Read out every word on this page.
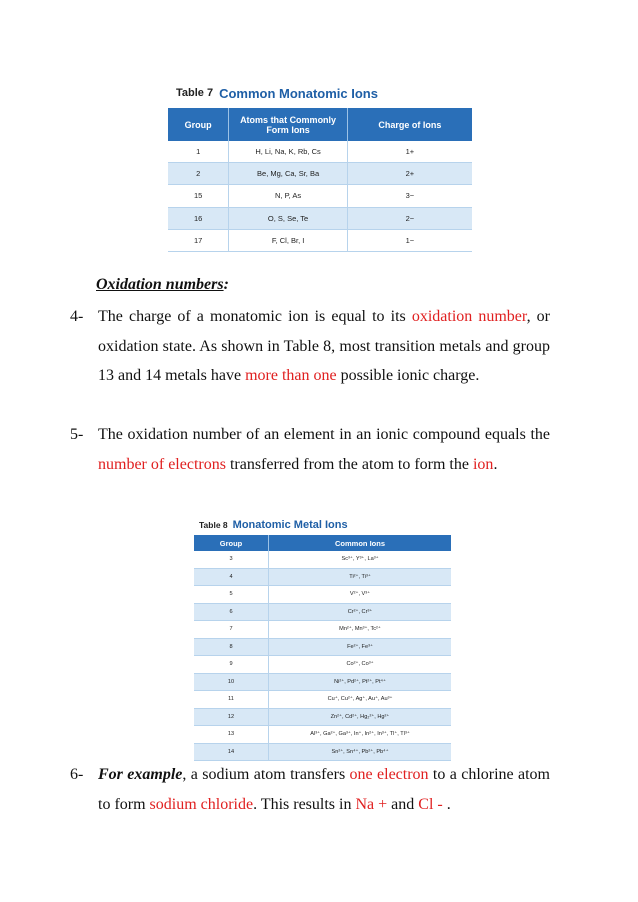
Table 7 Common Monatomic Ions
Group	Atoms that Commonly Form Ions	Charge of Ions
1	H, Li, Na, K, Rb, Cs	1+
2	Be, Mg, Ca, Sr, Ba	2+
15	N, P, As	3−
16	O, S, Se, Te	2−
17	F, Cl, Br, I	1−
Oxidation numbers:
4- The charge of a monatomic ion is equal to its oxidation number, or oxidation state. As shown in Table 8, most transition metals and group 13 and 14 metals have more than one possible ionic charge.
5- The oxidation number of an element in an ionic compound equals the number of electrons transferred from the atom to form the ion.
Table 8 Monatomic Metal Ions
Group	Common Ions
3	Sc³⁺, Y³⁺, La³⁺
4	Ti²⁺, Ti³⁺
5	V²⁺, V³⁺
6	Cr²⁺, Cr³⁺
7	Mn²⁺, Mn³⁺, Tc²⁺
8	Fe²⁺, Fe³⁺
9	Co²⁺, Co³⁺
10	Ni²⁺, Pd²⁺, Pt²⁺, Pt⁴⁺
11	Cu⁺, Cu²⁺, Ag⁺, Au⁺, Au³⁺
12	Zn²⁺, Cd²⁺, Hg₂²⁺, Hg²⁺
13	Al³⁺, Ga²⁺, Ga³⁺, In⁺, In²⁺, In³⁺, Tl⁺, Tl³⁺
14	Sn²⁺, Sn⁴⁺, Pb²⁺, Pb⁴⁺
6- For example, a sodium atom transfers one electron to a chlorine atom to form sodium chloride. This results in Na + and Cl - .
